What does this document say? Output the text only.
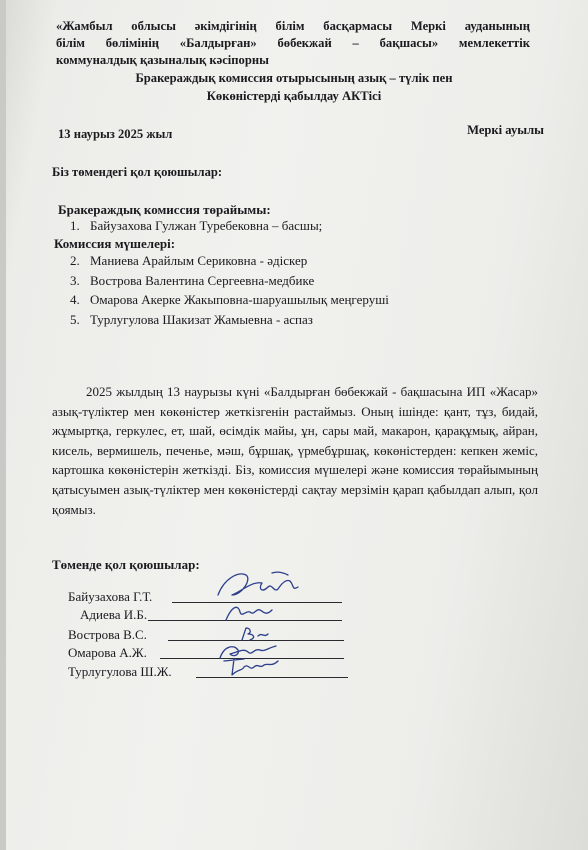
«Жамбыл облысы әкімдігінің білім басқармасы Меркі ауданының
білім бөлімінің «Балдырған» бөбекжай – бақшасы» мемлекеттік
коммуналдық қазыналық кәсіпорны
Бракераждық комиссия отырысының азық – түлік пен
Көкөністерді қабылдау АКТісі
13 наурыз 2025 жыл	Меркі ауылы
Біз төмендегі қол қоюшылар:
Бракераждық комиссия төрайымы:
1. Байузахова Гулжан Туребековна – басшы;
Комиссия мүшелері:
2. Маниева Арайлым Сериковна - әдіскер
3. Вострова Валентина Сергеевна-медбике
4. Омарова Акерке Жакыповна-шаруашылық меңгеруші
5. Турлугулова Шакизат Жамыевна - аспаз
2025 жылдың 13 наурызы күні «Балдырған бөбекжай - бақшасына ИП «Жасар» азық-түліктер мен көкөністер жеткізгенін растаймыз. Оның ішінде: қант, тұз, бидай, жұмыртқа, геркулес, ет, шай, өсімдік майы, ұн, сары май, макарон, қарақұмық, айран, кисель, вермишель, печенье, мәш, бұршақ, үрмебұршақ, көкөністерден: кепкен жеміс, картошка көкөністерін жеткізді. Біз, комиссия мүшелері және комиссия төрайымының қатысуымен азық-түліктер мен көкөністерді сақтау мерзімін қарап қабылдап алып, қол қоямыз.
Төменде қол қоюшылар:
Байузахова Г.Т.
Адиева И.Б.
Вострова В.С.
Омарова А.Ж.
Турлугулова Ш.Ж.
